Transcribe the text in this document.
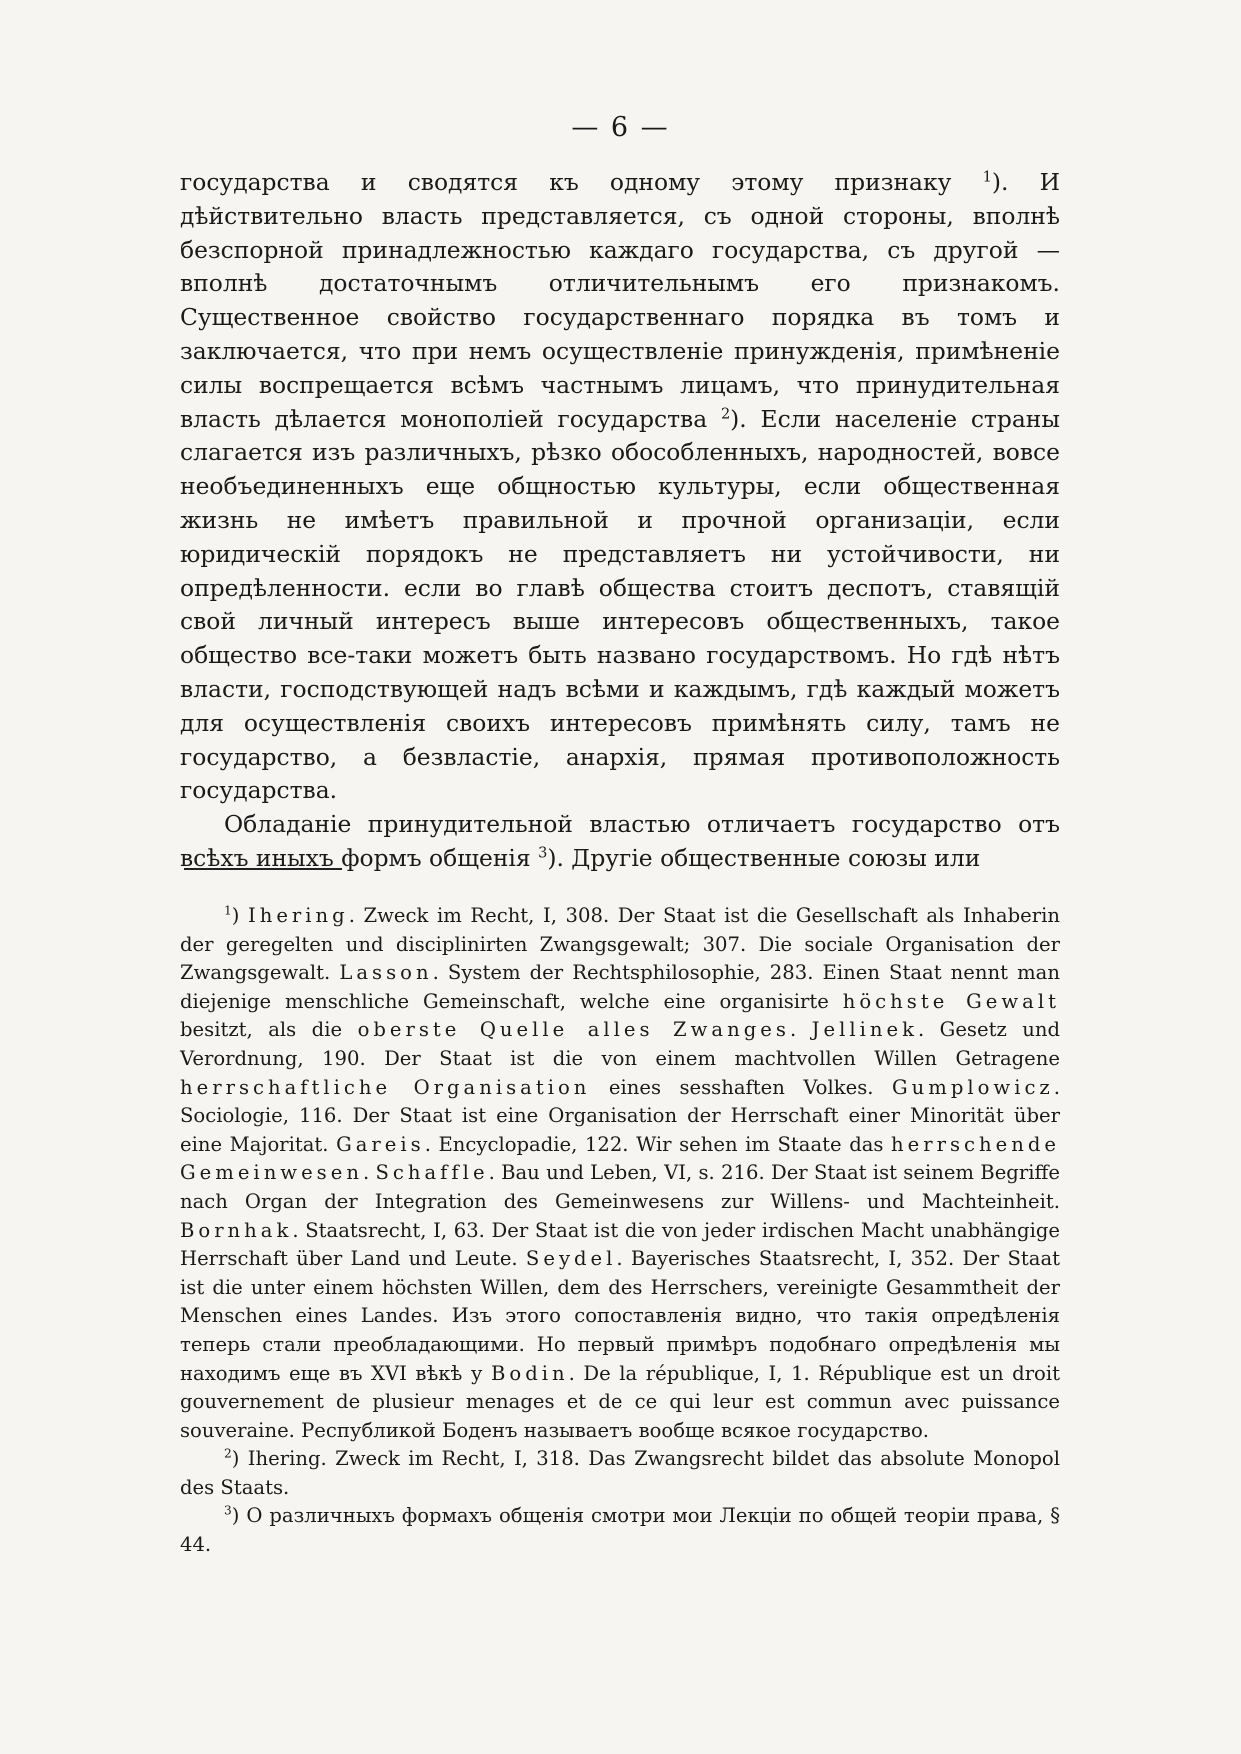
— 6 —

государства и сводятся къ одному этому признаку $^1$). И дѣйствительно власть представляется, съ одной стороны, вполнѣ безспорной принадлежностью каждаго государства, съ другой — вполнѣ достаточнымъ отличительнымъ его признакомъ. Существенное свойство государственнаго порядка въ томъ и заключается, что при немъ осуществленіе принужденія, примѣненіе силы воспрещается всѣмъ частнымъ лицамъ, что принудительная власть дѣлается монополіей государства $^2$). Если населеніе страны слагается изъ различныхъ, рѣзко обособленныхъ, народностей, вовсе необъединенныхъ еще общностью культуры, если общественная жизнь не имѣетъ правильной и прочной организаціи, если юридическій порядокъ не представляетъ ни устойчивости, ни опредѣленности. если во главѣ общества стоитъ деспотъ, ставящій свой личный интересъ выше интересовъ общественныхъ, такое общество все-таки можетъ быть названо государствомъ. Но гдѣ нѣтъ власти, господствующей надъ всѣми и каждымъ, гдѣ каждый можетъ для осуществленія своихъ интересовъ примѣнять силу, тамъ не государство, а безвластіе, анархія, прямая противоположность государства.

Обладаніе принудительной властью отличаетъ государство отъ всѣхъ иныхъ формъ общенія $^3$). Другіе общественные союзы или

$^1$) Ihering. Zweck im Recht, I, 308. Der Staat ist die Gesellschaft als Inhaberin der geregelten und disciplinirten Zwangsgewalt; 307. Die sociale Organisation der Zwangsgewalt. Lasson. System der Rechtsphilosophie, 283. Einen Staat nennt man diejenige menschliche Gemeinschaft, welche eine organisirte höchste Gewalt besitzt, als die oberste Quelle alles Zwanges. Jellinek. Gesetz und Verordnung, 190. Der Staat ist die von einem machtvollen Willen Getragene herrschaftliche Organisation eines sesshaften Volkes. Gumplowicz. Sociologie, 116. Der Staat ist eine Organisation der Herrschaft einer Minorität über eine Majoritat. Gareis. Encyclopadie, 122. Wir sehen im Staate das herrschende Gemeinwesen. Schaffle. Bau und Leben, VI, s. 216. Der Staat ist seinem Begriffe nach Organ der Integration des Gemeinwesens zur Willens- und Machteinheit. Bornhak. Staatsrecht, I, 63. Der Staat ist die von jeder irdischen Macht unabhängige Herrschaft über Land und Leute. Seydel. Bayerisches Staatsrecht, I, 352. Der Staat ist die unter einem höchsten Willen, dem des Herrschers, vereinigte Gesammtheit der Menschen eines Landes. Изъ этого сопоставленія видно, что такія опредѣленія теперь стали преобладающими. Но первый примѣръ подобнаго опредѣленія мы находимъ еще въ XVI вѣкѣ у Bodin. De la république, I, 1. République est un droit gouvernement de plusieur menages et de ce qui leur est commun avec puissance souveraine. Республикой Боденъ называетъ вообще всякое государство.

$^2$) Ihering. Zweck im Recht, I, 318. Das Zwangsrecht bildet das absolute Monopol des Staats.

$^3$) О различныхъ формахъ общенія смотри мои Лекціи по общей теоріи права, § 44.
